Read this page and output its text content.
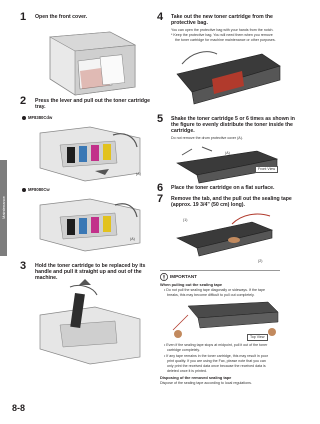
Maintenance
1 Open the front cover.
2 Press the lever and pull out the toner cartridge
tray.
MF8380Cdw
(A)
MF8080Cw
(A)
3 Hold the toner cartridge to be replaced by its
handle and pull it straight up and out of the
machine.
4 Take out the new toner cartridge from the
protective bag.
You can open the protective bag with your hands from the notch.
* Keep the protective bag. You will need them when you remove
the toner cartridge for machine maintenance or other purposes.
5 Shake the toner cartridge 5 or 6 times as shown in
the figure to evenly distribute the toner inside the
cartridge.
Do not remove the drum protective cover (A).
(A)
Front View
6 Place the toner cartridge on a flat surface.
7 Remove the tab, and the pull out the sealing tape
(approx. 19 3/4" (50 cm) long).
(1)
(2)
IMPORTANT
When pulling out the sealing tape
• Do not pull the sealing tape diagonally or sideways. If the tape
breaks, this may become difficult to pull out completely.
Top View
• Even if the sealing tape stops at midpoint, pull it out of the toner
cartridge completely.
• If any tape remains in the toner cartridge, this may result in poor
print quality. If you are using the Fax, please note that you can
only print the received data once because the received data is
deleted once it is printed.
Disposing of the removed sealing tape
Dispose of the sealing tape according to local regulations.
8-8
